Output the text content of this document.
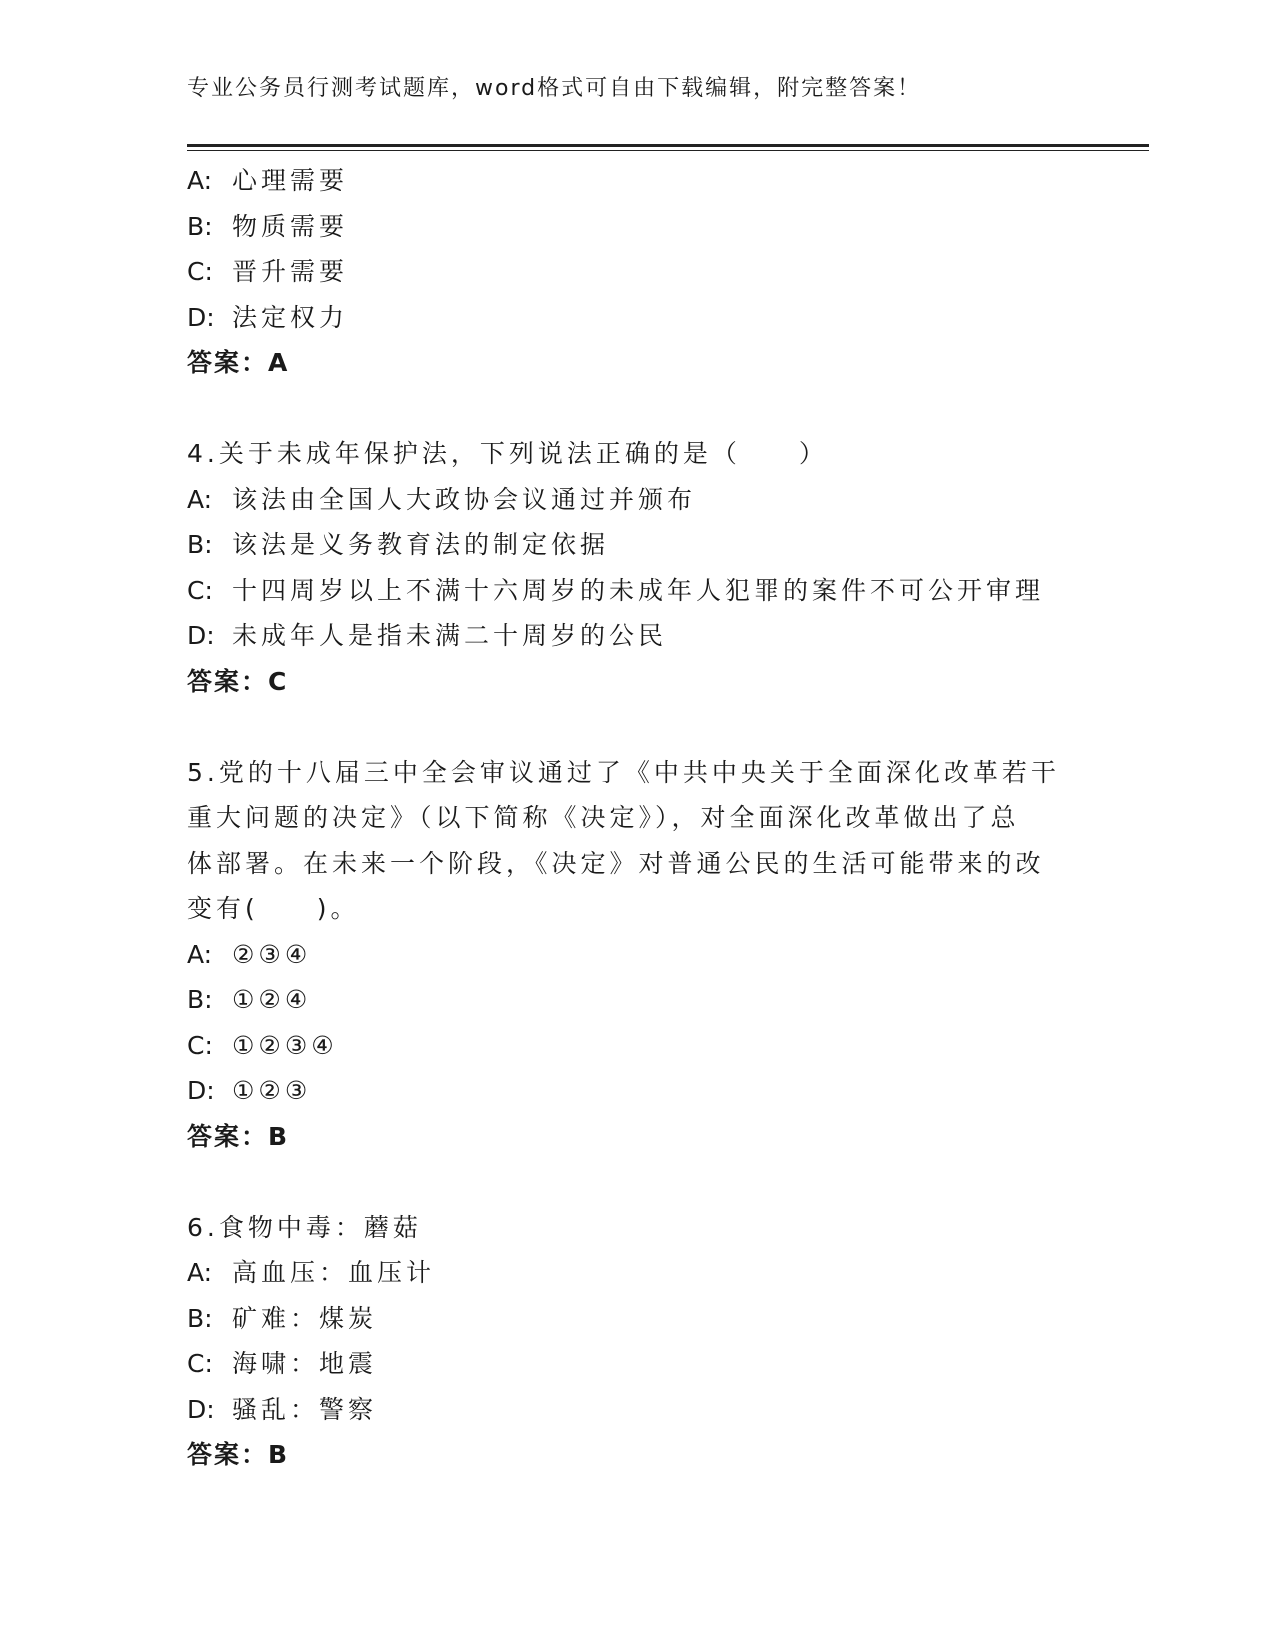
专业公务员行测考试题库，word格式可自由下载编辑，附完整答案！
A: 心理需要
B: 物质需要
C: 晋升需要
D: 法定权力
答案：A
4.关于未成年保护法，下列说法正确的是（　　）
A: 该法由全国人大政协会议通过并颁布
B: 该法是义务教育法的制定依据
C: 十四周岁以上不满十六周岁的未成年人犯罪的案件不可公开审理
D: 未成年人是指未满二十周岁的公民
答案：C
5.党的十八届三中全会审议通过了《中共中央关于全面深化改革若干
重大问题的决定》（以下简称《决定》），对全面深化改革做出了总
体部署。在未来一个阶段，《决定》对普通公民的生活可能带来的改
变有(　　)。
A: ②③④
B: ①②④
C: ①②③④
D: ①②③
答案：B
6.食物中毒：蘑菇
A: 高血压：血压计
B: 矿难：煤炭
C: 海啸：地震
D: 骚乱：警察
答案：B
